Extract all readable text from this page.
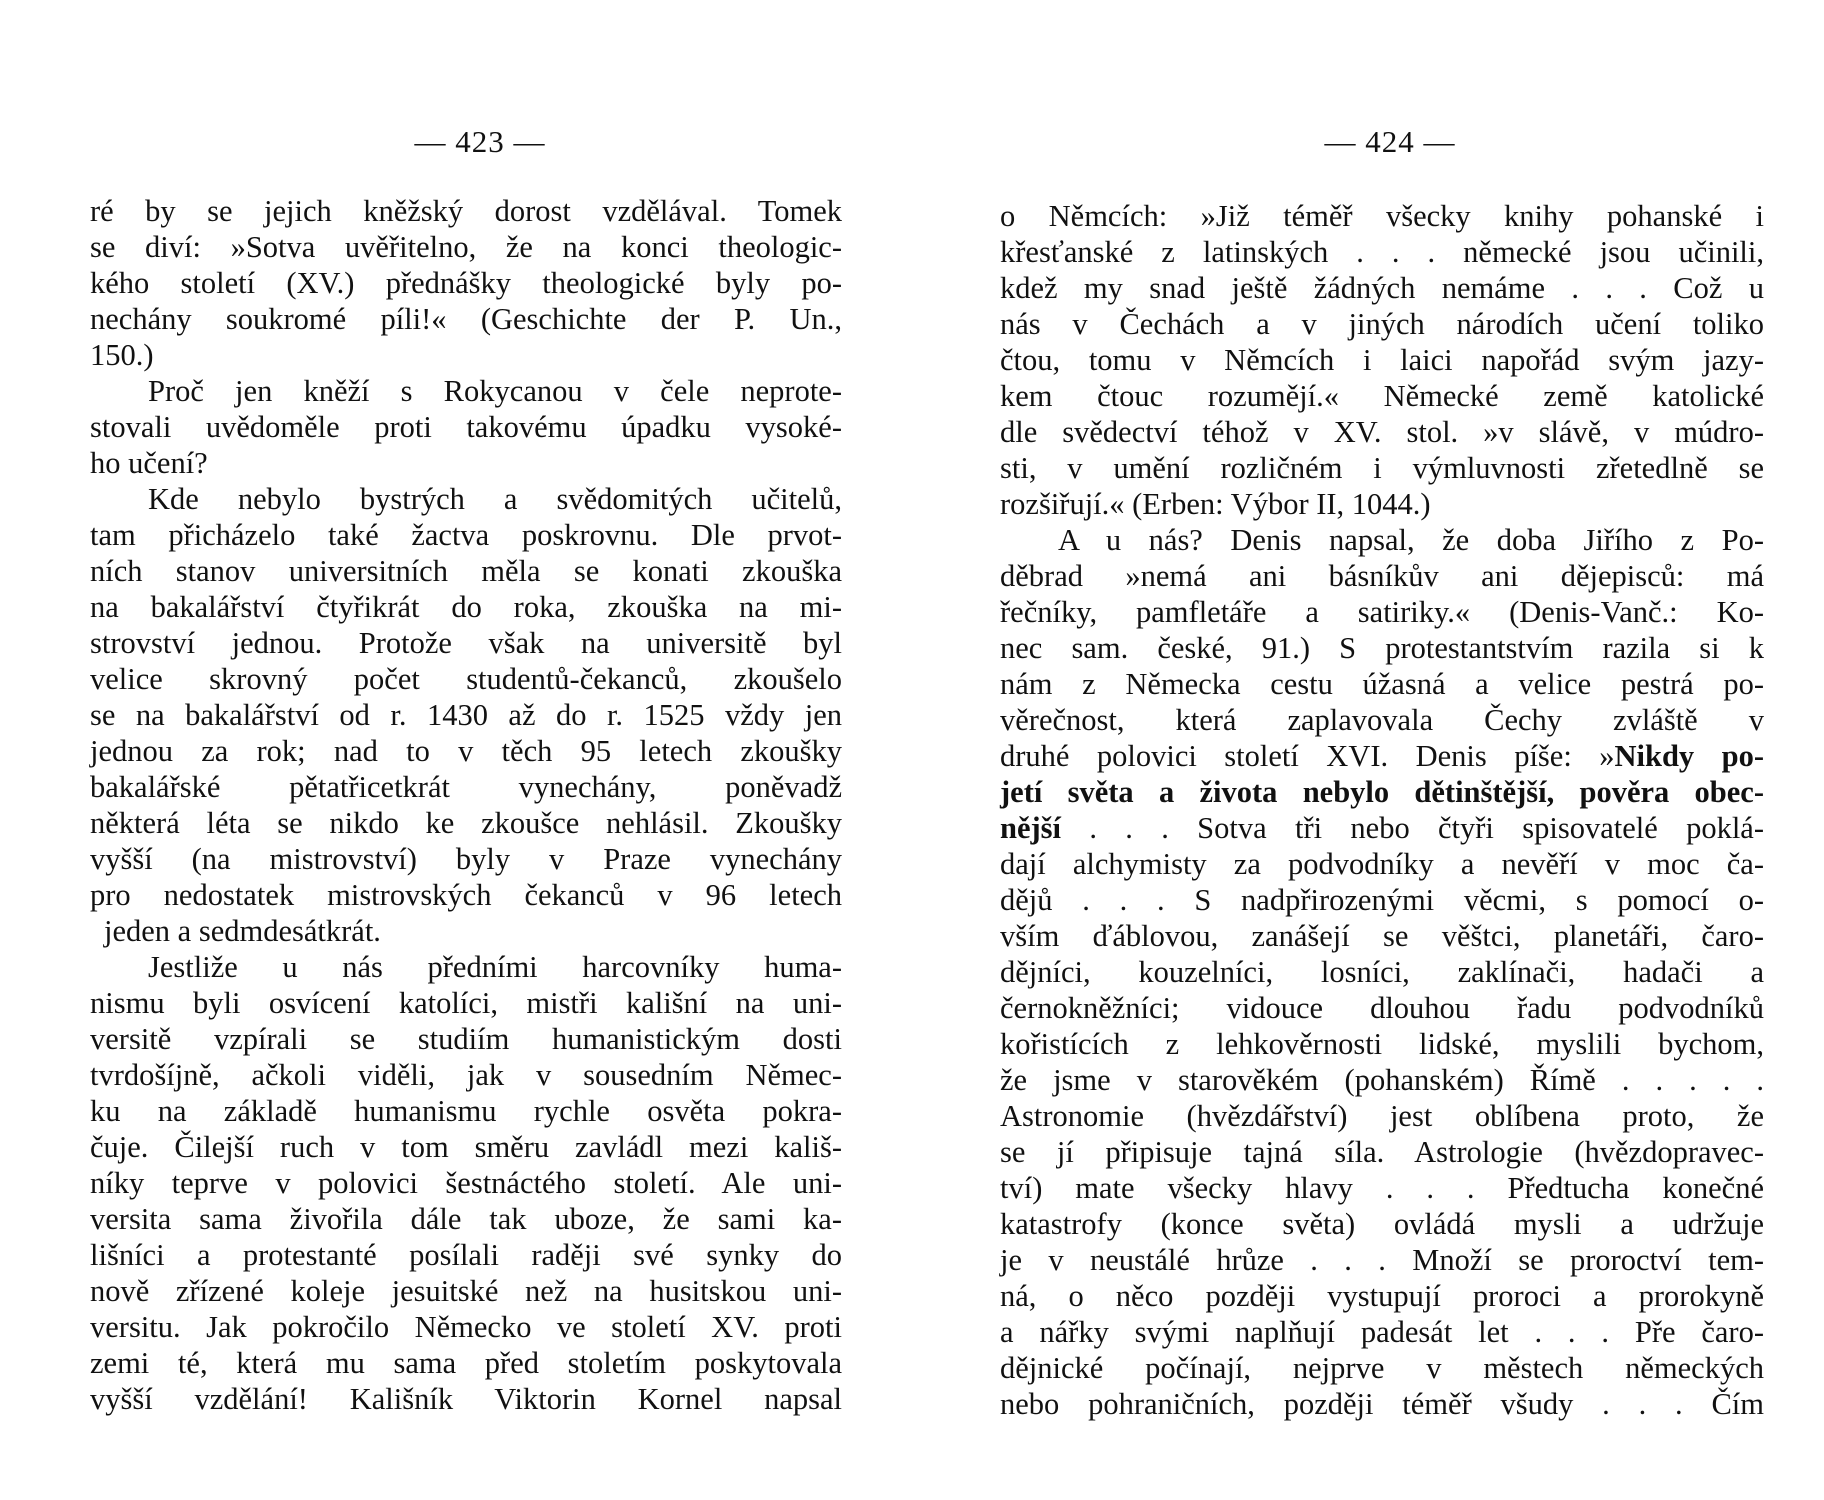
— 423 —
ré by se jejich kněžský dorost vzdělával. Tomek
se diví: »Sotva uvěřitelno, že na konci theologic-
kého století (XV.) přednášky theologické byly po-
nechány soukromé píli!« (Geschichte der P. Un.,
150.)
Proč jen kněží s Rokycanou v čele neprote-
stovali uvědoměle proti takovému úpadku vysoké-
ho učení?
Kde nebylo bystrých a svědomitých učitelů,
tam přicházelo také žactva poskrovnu. Dle prvot-
ních stanov universitních měla se konati zkouška
na bakalářství čtyřikrát do roka, zkouška na mi-
strovství jednou. Protože však na universitě byl
velice skrovný počet studentů-čekanců, zkoušelo
se na bakalářství od r. 1430 až do r. 1525 vždy jen
jednou za rok; nad to v těch 95 letech zkoušky
bakalářské pětatřicetkrát vynechány, poněvadž
některá léta se nikdo ke zkoušce nehlásil. Zkoušky
vyšší (na mistrovství) byly v Praze vynechány
pro nedostatek mistrovských čekanců v 96 letech
jeden a sedmdesátkrát.
Jestliže u nás předními harcovníky huma-
nismu byli osvícení katolíci, mistři kališní na uni-
versitě vzpírali se studiím humanistickým dosti
tvrdošíjně, ačkoli viděli, jak v sousedním Němec-
ku na základě humanismu rychle osvěta pokra-
čuje. Čilejší ruch v tom směru zavládl mezi kališ-
níky teprve v polovici šestnáctého století. Ale uni-
versita sama živořila dále tak uboze, že sami ka-
lišníci a protestanté posílali raději své synky do
nově zřízené koleje jesuitské než na husitskou uni-
versitu. Jak pokročilo Německo ve století XV. proti
zemi té, která mu sama před stoletím poskytovala
vyšší vzdělání! Kališník Viktorin Kornel napsal
— 424 —
o Němcích: »Již téměř všecky knihy pohanské i
křesťanské z latinských . . . německé jsou učinili,
kdež my snad ještě žádných nemáme . . . Což u
nás v Čechách a v jiných národích učení toliko
čtou, tomu v Němcích i laici napořád svým jazy-
kem čtouc rozumějí.« Německé země katolické
dle svědectví téhož v XV. stol. »v slávě, v múdro-
sti, v umění rozličném i výmluvnosti zřetedlně se
rozšiřují.« (Erben: Výbor II, 1044.)
A u nás? Denis napsal, že doba Jiřího z Po-
děbrad »nemá ani básníkův ani dějepisců: má
řečníky, pamfletáře a satiriky.« (Denis-Vanč.: Ko-
nec sam. české, 91.) S protestantstvím razila si k
nám z Německa cestu úžasná a velice pestrá po-
věrečnost, která zaplavovala Čechy zvláště v
druhé polovici století XVI. Denis píše: »Nikdy po-
jetí světa a života nebylo dětinštější, pověra obec-
nější . . . Sotva tři nebo čtyři spisovatelé poklá-
dají alchymisty za podvodníky a nevěří v moc ča-
dějů . . . S nadpřirozenými věcmi, s pomocí o-
vším ďáblovou, zanášejí se věštci, planetáři, čaro-
dějníci, kouzelníci, losníci, zaklínači, hadači a
černokněžníci; vidouce dlouhou řadu podvodníků
kořistících z lehkověrnosti lidské, myslili bychom,
že jsme v starověkém (pohanském) Římě . . . . .
Astronomie (hvězdářství) jest oblíbena proto, že
se jí připisuje tajná síla. Astrologie (hvězdopravec-
tví) mate všecky hlavy . . . Předtucha konečné
katastrofy (konce světa) ovládá mysli a udržuje
je v neustálé hrůze . . . Množí se proroctví tem-
ná, o něco později vystupují proroci a prorokyně
a nářky svými naplňují padesát let . . . Pře čaro-
dějnické počínají, nejprve v městech německých
nebo pohraničních, později téměř všudy . . . Čím
